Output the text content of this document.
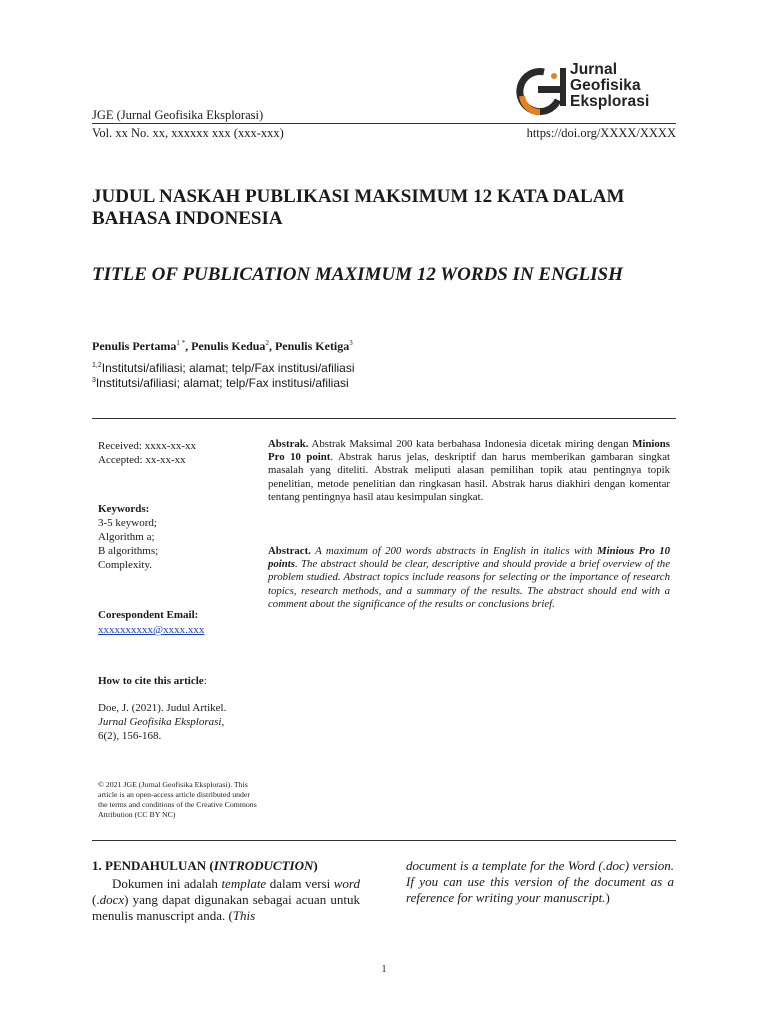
Jurnal
Geofisika
Eksplorasi
JGE (Jurnal Geofisika Eksplorasi)
Vol. xx No. xx, xxxxxx xxx (xxx-xxx)	https://doi.org/XXXX/XXXX
JUDUL NASKAH PUBLIKASI MAKSIMUM 12 KATA DALAM BAHASA INDONESIA
TITLE OF PUBLICATION MAXIMUM 12 WORDS IN ENGLISH
Penulis Pertama$^{1 *}$, Penulis Kedua$^2$, Penulis Ketiga$^3$
$^{1,2}$Institutsi/afiliasi; alamat; telp/Fax institusi/afiliasi
$^3$Institutsi/afiliasi; alamat; telp/Fax institusi/afiliasi
Received: xxxx-xx-xx
Accepted: xx-xx-xx
Keywords:
3-5 keyword;
Algorithm a;
B algorithms;
Complexity.
Corespondent Email:
xxxxxxxxxx@xxxx.xxx
How to cite this article:
Doe, J. (2021). Judul Artikel.
Jurnal Geofisika Eksplorasi,
6(2), 156-168.
© 2021 JGE (Jurnal Geofisika Eksplorasi). This article is an open-access article distributed under the terms and conditions of the Creative Commons Attribution (CC BY NC)
Abstrak. Abstrak Maksimal 200 kata berbahasa Indonesia dicetak miring dengan Minions Pro 10 point. Abstrak harus jelas, deskriptif dan harus memberikan gambaran singkat masalah yang diteliti. Abstrak meliputi alasan pemilihan topik atau pentingnya topik penelitian, metode penelitian dan ringkasan hasil. Abstrak harus diakhiri dengan komentar tentang pentingnya hasil atau kesimpulan singkat.
Abstract. A maximum of 200 words abstracts in English in italics with Minious Pro 10 points. The abstract should be clear, descriptive and should provide a brief overview of the problem studied. Abstract topics include reasons for selecting or the importance of research topics, research methods, and a summary of the results. The abstract should end with a comment about the significance of the results or conclusions brief.
1. PENDAHULUAN (INTRODUCTION)
Dokumen ini adalah template dalam versi word (.docx) yang dapat digunakan sebagai acuan untuk menulis manuscript anda. (This
document is a template for the Word (.doc) version. If you can use this version of the document as a reference for writing your manuscript.)
1
